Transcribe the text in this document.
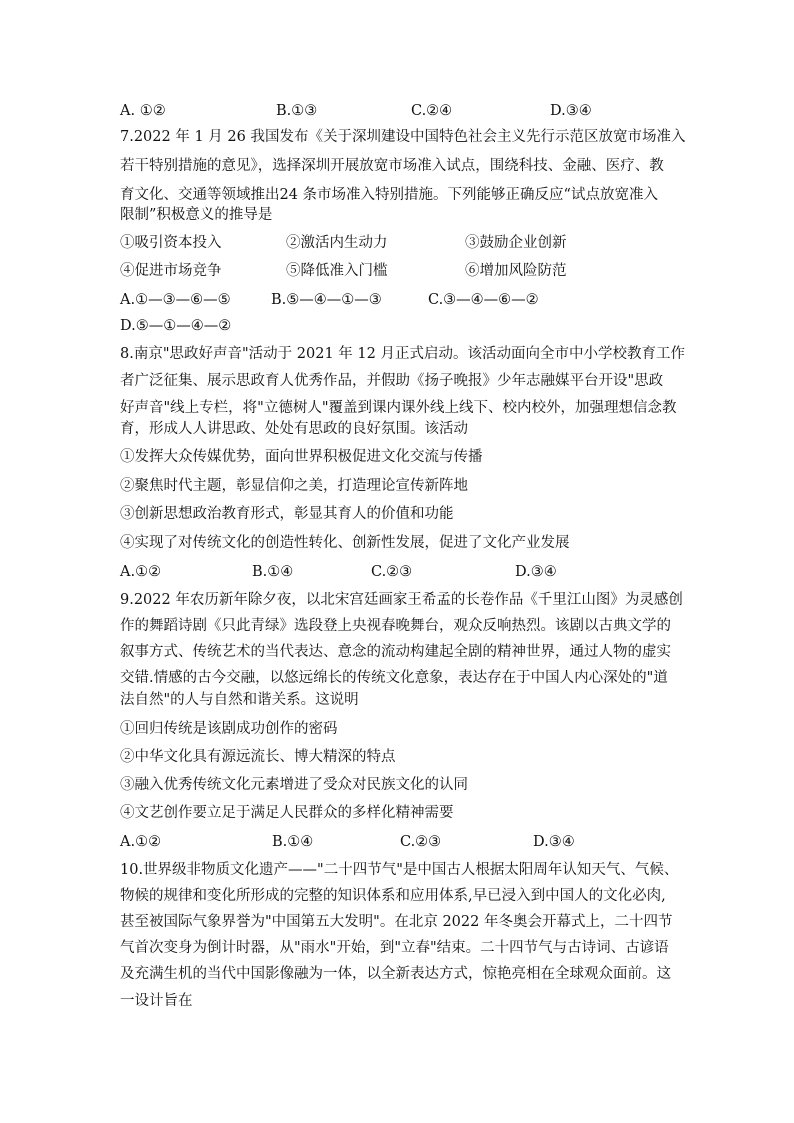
A. ①②	B.①③	C.②④	D.③④
7.2022 年 1 月 26 我国发布《关于深圳建设中国特色社会主义先行示范区放宽市场准入
若干特别措施的意见》，选择深圳开展放宽市场准入试点，围绕科技、金融、医疗、教
育文化、交通等领域推出24 条市场准入特别措施。下列能够正确反应“试点放宽准入
限制”积极意义的推导是
①吸引资本投入	②激活内生动力	③鼓励企业创新
④促进市场竞争	⑤降低准入门槛	⑥增加风险防范
A.①—③—⑥—⑤	B.⑤—④—①—③	C.③—④—⑥—②
D.⑤—①—④—②
8.南京"思政好声音"活动于 2021 年 12 月正式启动。该活动面向全市中小学校教育工作
者广泛征集、展示思政育人优秀作品，并假助《扬子晚报》少年志融媒平台开设"思政
好声音"线上专栏，将"立德树人"覆盖到课内课外线上线下、校内校外，加强理想信念教
育，形成人人讲思政、处处有思政的良好氛围。该活动
①发挥大众传媒优势，面向世界积极促进文化交流与传播
②聚焦时代主题，彰显信仰之美，打造理论宣传新阵地
③创新思想政治教育形式，彰显其育人的价值和功能
④实现了对传统文化的创造性转化、创新性发展，促进了文化产业发展
A.①②	B.①④	C.②③	D.③④
9.2022 年农历新年除夕夜，以北宋宫廷画家王希孟的长卷作品《千里江山图》为灵感创
作的舞蹈诗剧《只此青绿》选段登上央视春晚舞台，观众反响热烈。该剧以古典文学的
叙事方式、传统艺术的当代表达、意念的流动构建起全剧的精神世界，通过人物的虚实
交错.情感的古今交融，以悠远绵长的传统文化意象，表达存在于中国人内心深处的"道
法自然"的人与自然和谐关系。这说明
①回归传统是该剧成功创作的密码
②中华文化具有源远流长、博大精深的特点
③融入优秀传统文化元素增进了受众对民族文化的认同
④文艺创作要立足于满足人民群众的多样化精神需要
A.①②	B.①④	C.②③	D.③④
10.世界级非物质文化遗产——"二十四节气"是中国古人根据太阳周年认知天气、气候、
物候的规律和变化所形成的完整的知识体系和应用体系,早已浸入到中国人的文化必肉,
甚至被国际气象界誉为"中国第五大发明"。在北京 2022 年冬奥会开幕式上，二十四节
气首次变身为倒计时器，从"雨水"开始，到"立春"结束。二十四节气与古诗词、古谚语
及充满生机的当代中国影像融为一体，以全新表达方式，惊艳亮相在全球观众面前。这
一设计旨在
